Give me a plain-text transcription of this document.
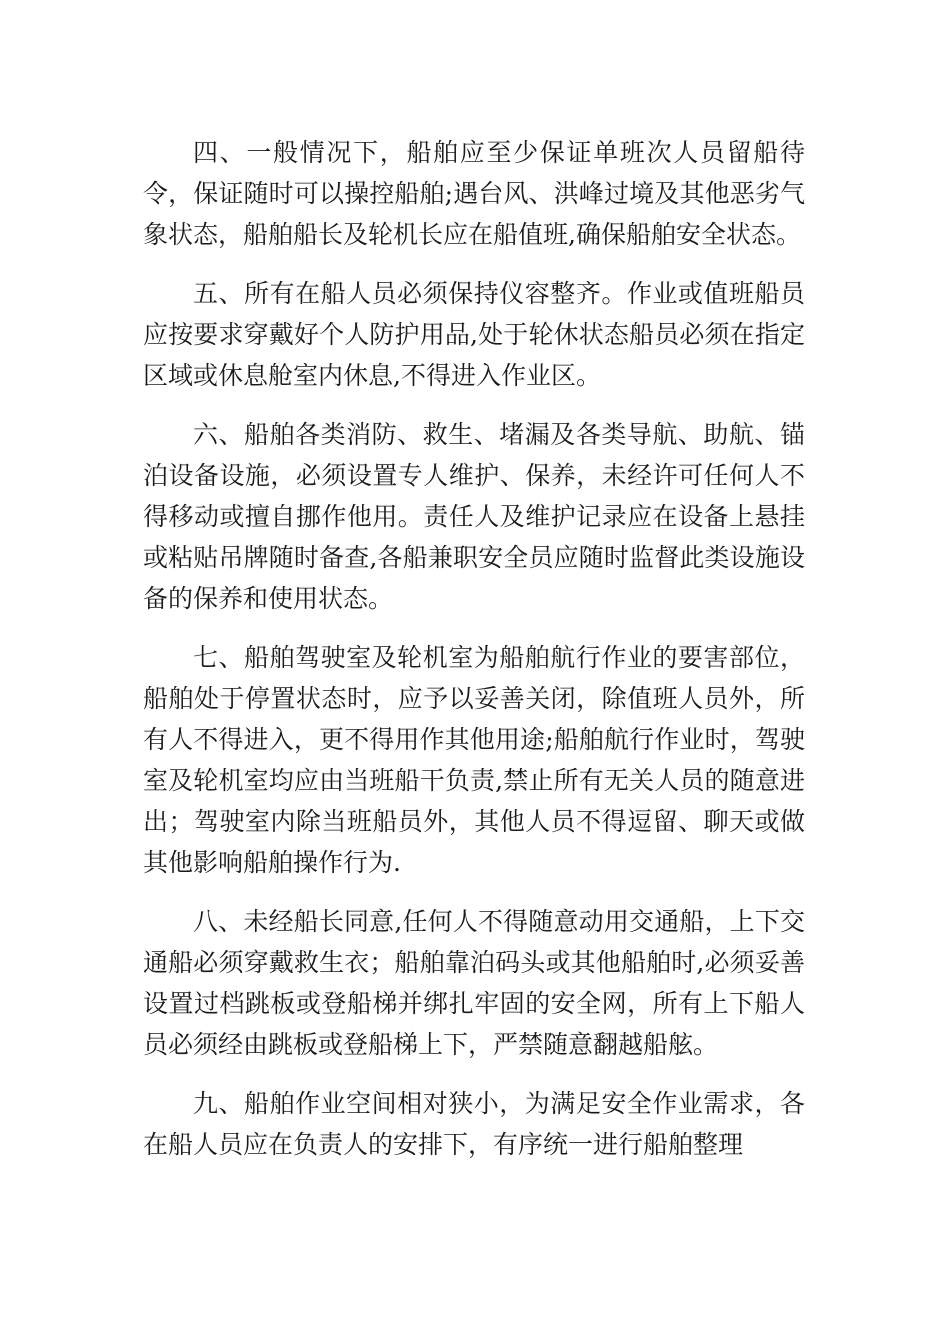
四、一般情况下，船舶应至少保证单班次人员留船待令，保证随时可以操控船舶;遇台风、洪峰过境及其他恶劣气象状态，船舶船长及轮机长应在船值班,确保船舶安全状态。

五、所有在船人员必须保持仪容整齐。作业或值班船员应按要求穿戴好个人防护用品,处于轮休状态船员必须在指定区域或休息舱室内休息,不得进入作业区。

六、船舶各类消防、救生、堵漏及各类导航、助航、锚泊设备设施，必须设置专人维护、保养，未经许可任何人不得移动或擅自挪作他用。责任人及维护记录应在设备上悬挂或粘贴吊牌随时备查,各船兼职安全员应随时监督此类设施设备的保养和使用状态。

七、船舶驾驶室及轮机室为船舶航行作业的要害部位，船舶处于停置状态时，应予以妥善关闭，除值班人员外，所有人不得进入，更不得用作其他用途;船舶航行作业时，驾驶室及轮机室均应由当班船干负责,禁止所有无关人员的随意进出；驾驶室内除当班船员外，其他人员不得逗留、聊天或做其他影响船舶操作行为.

八、未经船长同意,任何人不得随意动用交通船，上下交通船必须穿戴救生衣；船舶靠泊码头或其他船舶时,必须妥善设置过档跳板或登船梯并绑扎牢固的安全网，所有上下船人员必须经由跳板或登船梯上下，严禁随意翻越船舷。

九、船舶作业空间相对狭小，为满足安全作业需求，各在船人员应在负责人的安排下，有序统一进行船舶整理
